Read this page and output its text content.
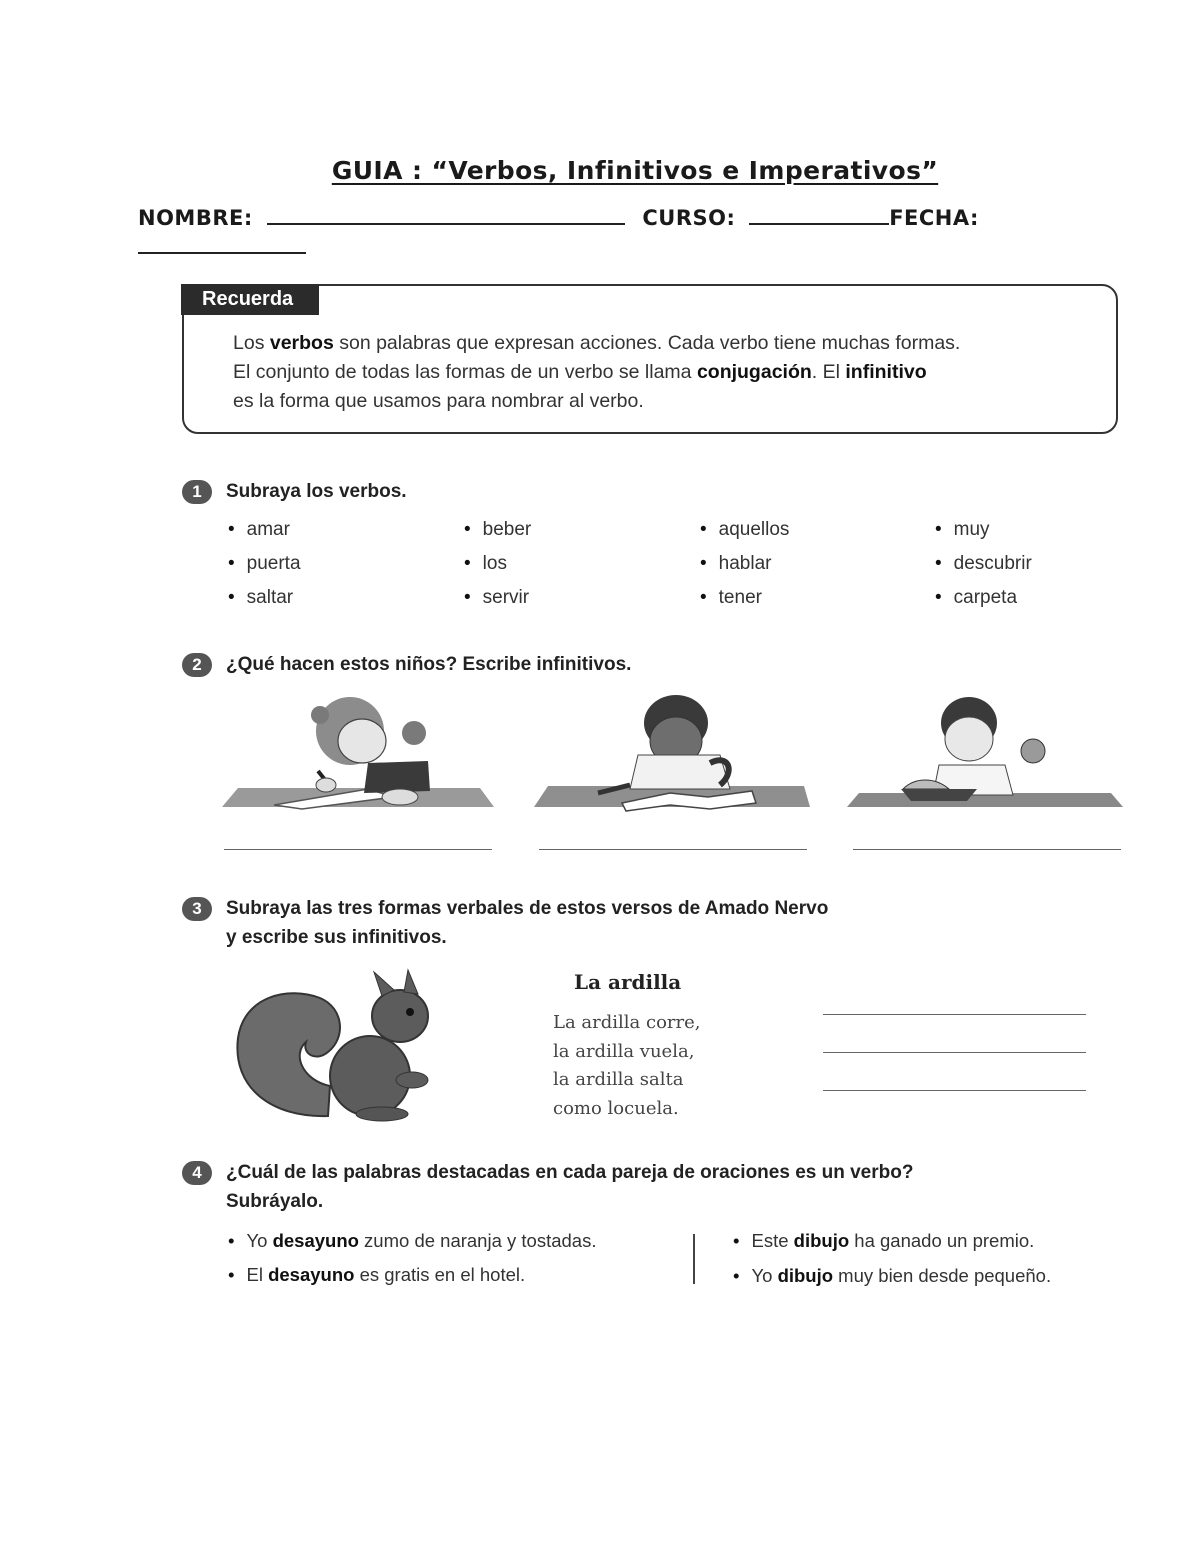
GUIA : “Verbos, Infinitivos e Imperativos”
NOMBRE:	CURSO:	FECHA:
Recuerda
Los verbos son palabras que expresan acciones. Cada verbo tiene muchas formas.
El conjunto de todas las formas de un verbo se llama conjugación. El infinitivo
es la forma que usamos para nombrar al verbo.
1	Subraya los verbos.
• amar
• puerta
• saltar
• beber
• los
• servir
• aquellos
• hablar
• tener
• muy
• descubrir
• carpeta
2	¿Qué hacen estos niños? Escribe infinitivos.
3	Subraya las tres formas verbales de estos versos de Amado Nervo
y escribe sus infinitivos.
La ardilla
La ardilla corre,
la ardilla vuela,
la ardilla salta
como locuela.
4	¿Cuál de las palabras destacadas en cada pareja de oraciones es un verbo?
Subráyalo.
• Yo desayuno zumo de naranja y tostadas.
• El desayuno es gratis en el hotel.
• Este dibujo ha ganado un premio.
• Yo dibujo muy bien desde pequeño.
